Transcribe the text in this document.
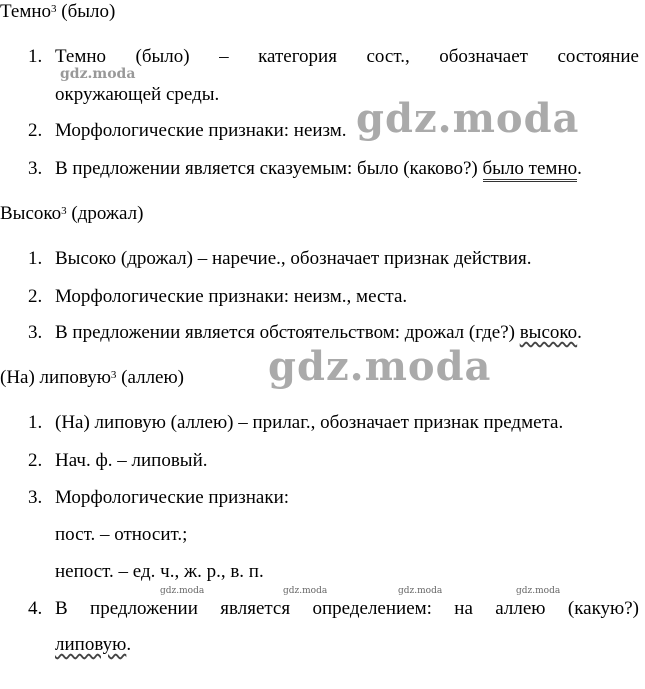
Темно$^3$ (было)
1. Темно (было) – категория сост., обозначает состояние
окружающей среды.
2. Морфологические признаки: неизм.
3. В предложении является сказуемым: было (каково?) было темно.
Высоко$^3$ (дрожал)
1. Высоко (дрожал) – наречие., обозначает признак действия.
2. Морфологические признаки: неизм., места.
3. В предложении является обстоятельством: дрожал (где?) высоко.
(На) липовую$^3$ (аллею)
1. (На) липовую (аллею) – прилаг., обозначает признак предмета.
2. Нач. ф. – липовый.
3. Морфологические признаки:
пост. – относит.;
непост. – ед. ч., ж. р., в. п.
4. В предложении является определением: на аллею (какую?)
липовую.
gdz.moda
gdz.moda
gdz.moda
gdz.moda	gdz.moda	gdz.moda	gdz.moda
